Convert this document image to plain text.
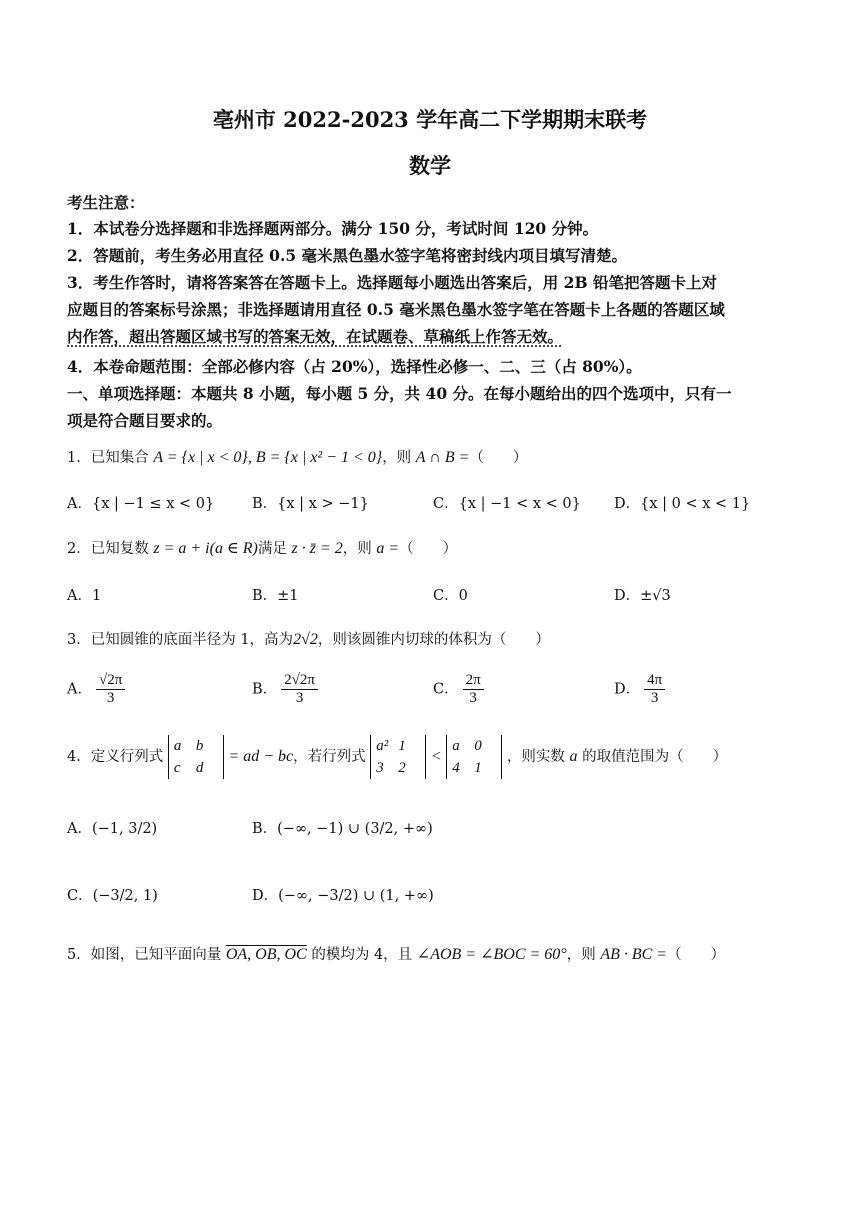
亳州市 2022-2023 学年高二下学期期末联考
数学
考生注意：
1．本试卷分选择题和非选择题两部分。满分 150 分，考试时间 120 分钟。
2．答题前，考生务必用直径 0.5 毫米黑色墨水签字笔将密封线内项目填写清楚。
3．考生作答时，请将答案答在答题卡上。选择题每小题选出答案后，用 2B 铅笔把答题卡上对
应题目的答案标号涂黑；非选择题请用直径 0.5 毫米黑色墨水签字笔在答题卡上各题的答题区域
内作答，超出答题区域书写的答案无效，在试题卷、草稿纸上作答无效。
4．本卷命题范围：全部必修内容（占 20%），选择性必修一、二、三（占 80%）。
一、单项选择题：本题共 8 小题，每小题 5 分，共 40 分。在每小题给出的四个选项中，只有一
项是符合题目要求的。
1．已知集合 A = {x | x < 0}, B = {x | x² − 1 < 0}，则 A ∩ B =（　　）
A．{x | −1 ≤ x < 0}	B．{x | x > −1}	C．{x | −1 < x < 0} D．{x | 0 < x < 1}
2．已知复数 z = a + i(a ∈ R)满足 z · z̄ = 2，则 a =（　　）
A．1	B．±1	C．0	D．±√3
3．已知圆锥的底面半径为 1，高为2√2，则该圆锥内切球的体积为（　　）
A． $\frac{√2\pi}{3}$	B． $\frac{2√2\pi}{3}$	C． $\frac{2\pi}{3}$	D． $\frac{4\pi}{3}$
4．定义行列式 a b
c d = ad − bc，若行列式 a² 1
3 2 < a 0
4 1 ，则实数 a 的取值范围为（　　）
A．(−1, 3/2)	B．(−∞, −1) ∪ (3/2, +∞)
C．(−3/2, 1)	D．(−∞, −3/2) ∪ (1, +∞)
5．如图，已知平面向量 OA, OB, OC 的模均为 4，且 ∠AOB = ∠BOC = 60°，则 AB · BC =（　　）
